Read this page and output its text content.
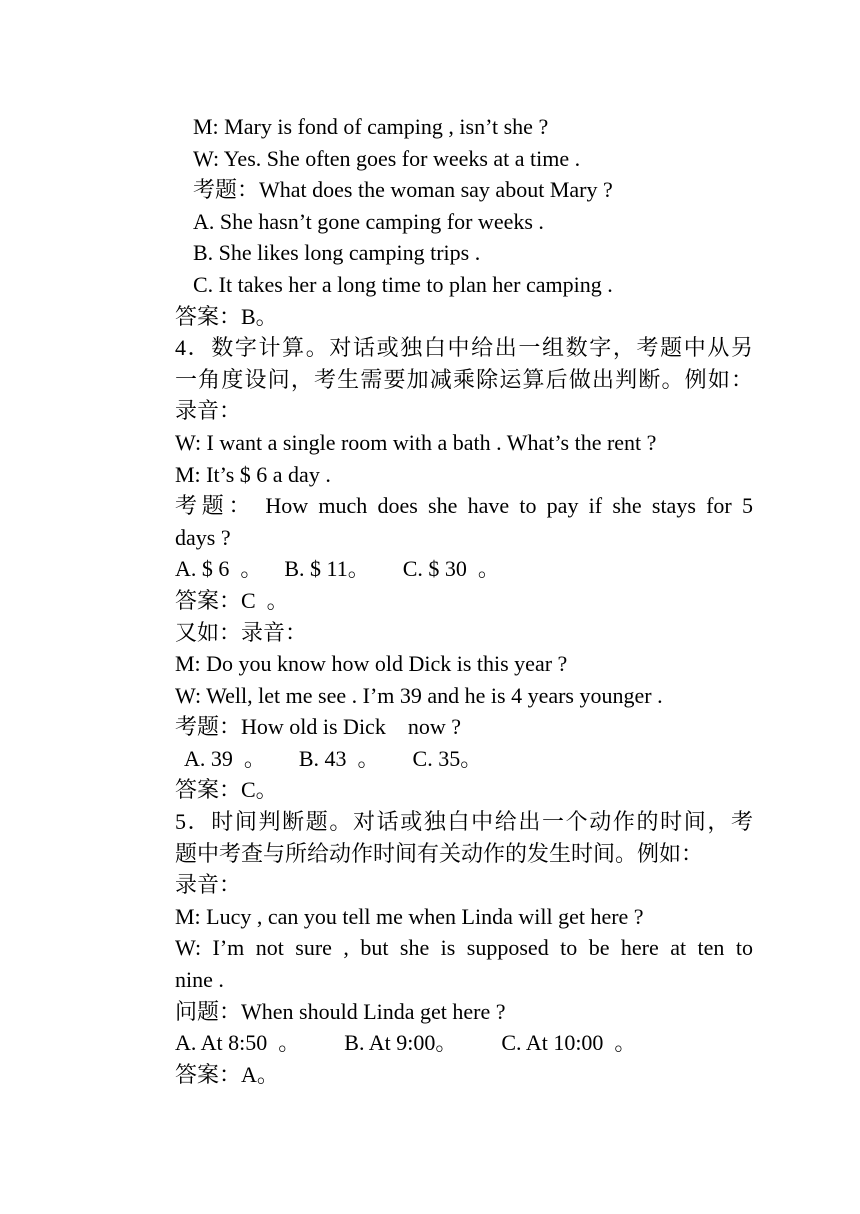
M: Mary is fond of camping , isn’t she ?
W: Yes. She often goes for weeks at a time .
考题：What does the woman say about Mary ?
A. She hasn’t gone camping for weeks .
B. She likes long camping trips .
C. It takes her a long time to plan her camping .
答案：B。
4．数字计算。对话或独白中给出一组数字，考题中从另
一角度设问，考生需要加减乘除运算后做出判断。例如：
录音：
W: I want a single room with a bath . What’s the rent ?
M: It’s $ 6 a day .
考题： How much does she have to pay if she stays for 5
days ?
A. $ 6  。    B. $ 11。      C. $ 30  。
答案：C  。
又如：录音：
M: Do you know how old Dick is this year ?
W: Well, let me see . I’m 39 and he is 4 years younger .
考题：How old is Dick    now ?
A. 39  。      B. 43  。      C. 35。
答案：C。
5．时间判断题。对话或独白中给出一个动作的时间，考
题中考查与所给动作时间有关动作的发生时间。例如：
录音：
M: Lucy , can you tell me when Linda will get here ?
W: I’m not sure , but she is supposed to be here at ten to
nine .
问题：When should Linda get here ?
A. At 8:50  。        B. At 9:00。        C. At 10:00  。
答案：A。
